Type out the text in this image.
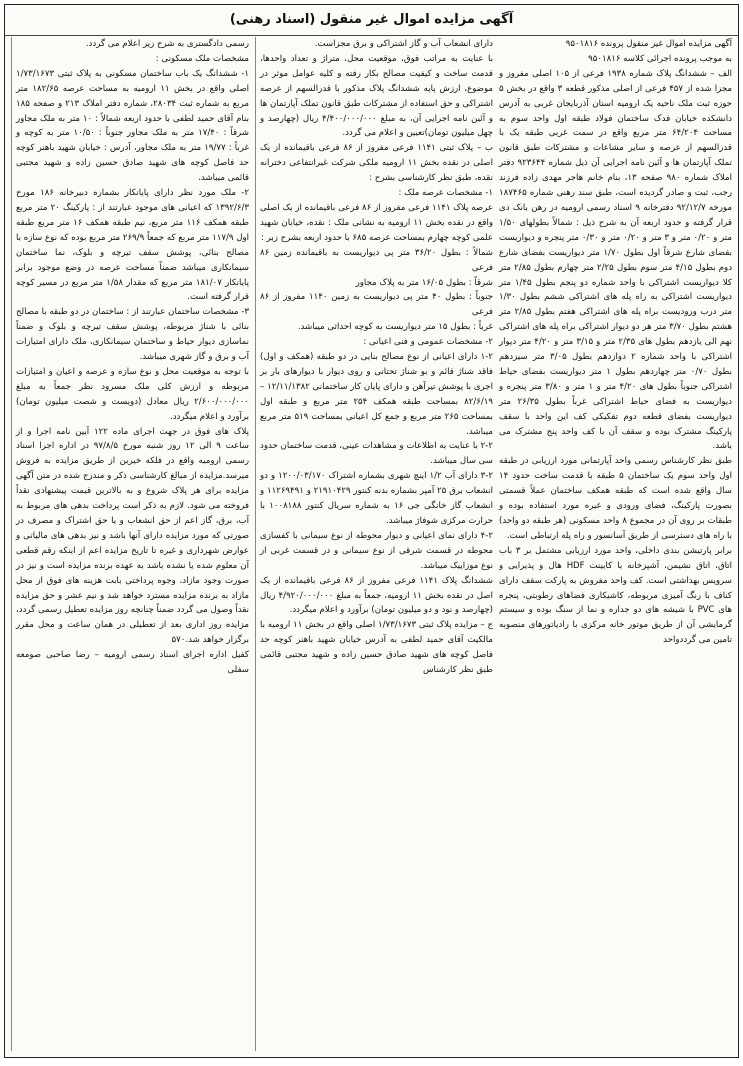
آگهی مزایده اموال غیر منقول (اسناد رهنی)
آگهی مزایده اموال غیر منقول پرونده ۹۵۰۱۸۱۶
به موجب پرونده اجرائی کلاسه ۹۵۰۱۸۱۶
الف – ششدانگ پلاک شماره ۱۹۳۸ فرعی از ۱۰۵ اصلی مفروز و مجزا شده از ۴۵۷ فرعی از اصلی مذکور قطعه ۳ واقع در بخش ۵ حوزه ثبت ملک ناحیه یک ارومیه استان آذربایجان غربی به آدرس دانشکده خیابان فدک ساختمان فولاد طبقه اول واحد سوم به مساحت ۶۴/۲۰۴ متر مربع واقع در سمت غربی طبقه یک با قدرالسهم از عرصه و سایر مشاعات و مشترکات طبق قانون تملک آپارتمان ها و آئین نامه اجرایی آن ذیل شماره ۹۲۳۶۴۴ دفتر املاک شماره ۹۸۰ صفحه ۱۳، بنام خانم هاجر مهدی زاده فرزند رجب، ثبت و صادر گردیده است، طبق سند رهنی شماره ۱۸۷۴۶۵ مورخه ۹۲/۱۲/۷ دفترخانه ۹ اسناد رسمی ارومیه در رهن بانک دی قرار گرفته و حدود اربعه آن به شرح ذیل : شمالاً بطولهای ۱/۵۰ متر و ۰/۲۰ متر و ۳ متر و ۰/۲۰ متر و ۰/۳۰ متر پنجره و دیواریست بفضای شارع شرقاً اول بطول ۱/۷۰ متر دیواریست بفضای شارع دوم بطول ۴/۱۵ متر سوم بطول ۲/۲۵ متر چهارم بطول ۲/۸۵ متر کلا دیواریست اشتراکی با واحد شماره دو پنجم بطول ۱/۴۵ متر دیواریست اشتراکی به راه پله های اشتراکی ششم بطول ۱/۳۰ متر درب ورودیست براه پله های اشتراکی هفتم بطول ۲/۸۵ متر هشتم بطول ۳/۷۰ متر هر دو دیوار اشتراکی براه پله های اشتراکی نهم الی یازدهم بطول های ۲/۳۵ متر و ۳/۱۵ متر و ۴/۲۰ متر دیوار اشتراکی با واحد شماره ۲ دوازدهم بطول ۳/۰۵ متر سیزدهم بطول ۰/۷۰ متر چهاردهم بطول ۱ متر دیواریست بفضای حیاط اشتراکی جنوباً بطول های ۴/۲۰ متر و ۱ متر و ۳/۸۰ متر پنجره و دیواریست به فضای حیاط اشتراکی غرباً بطول ۲۶/۳۵ متر دیواریست بفضای قطعه دوم تفکیکی کف این واحد با سقف پارکینگ مشترک بوده و سقف آن با کف واحد پنج مشترک می باشد.
طبق نظر کارشناس رسمی واحد آپارتمانی مورد ارزیابی در طبقه اول واحد سوم یک ساختمان ۵ طبقه با قدمت ساخت حدود ۱۴ سال واقع شده است که طبقه همکف ساختمان عملاً قسمتی بصورت پارکینگ، فضای ورودی و غیره مورد استفاده بوده و طبقات بر روی آن در مجموع ۸ واحد مسکونی (هر طبقه دو واحد) با راه های دسترسی از طریق آسانسور و راه پله ارتباطی است.
برابر پارتیشن بندی داخلی، واحد مورد ارزیابی مشتمل بر ۳ باب اتاق، اتاق نشیمن، آشپزخانه با کابینت HDF هال و پذیرایی و سرویس بهداشتی است. کف واحد مفروش به پارکت سقف دارای کناف با رنگ آمیزی مربوطه، کاشیکاری فضاهای رطوبتی، پنجره های PVC با شیشه های دو جداره و نما از سنگ بوده و سیستم گرمایشی آن از طریق موتور خانه مرکزی با رادیاتورهای منصوبه تامین می گرددواحد
دارای انشعاب آب و گاز اشتراکی و برق مجزاست.
با عنایت به مراتب فوق، موقعیت محل، متراژ و تعداد واحدها، قدمت ساخت و کیفیت مصالح بکار رفته و کلیه عوامل موثر در موضوع، ارزش پایه ششدانگ پلاک مذکور با قدرالسهم از عرصه اشتراکی و حق استفاده از مشترکات طبق قانون تملک آپارتمان ها و آئین نامه اجرایی آن، به مبلغ ۴/۴۰۰/۰۰۰/۰۰۰ ریال (چهارصد و چهل میلیون تومان)تعیین و اعلام می گردد.
ب – پلاک ثبتی ۱۱۴۱ فرعی مفروز از ۸۶ فرعی باقیمانده از یک اصلی در نقده بخش ۱۱ ارومیه ملکی شرکت غیرانتفاعی دخترانه نقده، طبق نظر کارشناسی بشرح :
۱- مشخصات عرصه ملک :
عرصه پلاک ۱۱۴۱ فرعی مفروز از ۸۶ فرعی باقیمانده از یک اصلی واقع در نقده بخش ۱۱ ارومیه به نشانی ملک : نقده، خیابان شهید علمی کوچه چهارم بمساحت عرصه ۶۸۵ با حدود اربعه بشرح زیر :
شمالاً : بطول ۳۶/۲۰ متر پی دیواریست به باقیمانده زمین ۸۶ فرعی
شرقاً : بطول ۱۶/۰۵ متر به پلاک مجاور
جنوباً : بطول ۴۰ متر پی دیواریست به زمین ۱۱۴۰ مفروز از ۸۶ فرعی
غرباً : بطول ۱۵ متر دیواریست به کوچه احداثی میباشد.
۲- مشخصات عمومی و فنی اعیانی :
۱-۲ دارای اعیانی از نوع مصالح بنایی در دو طبقه (همکف و اول) فاقد شناژ قائم و بو شناژ تحتانی و روی دیوار با دیوارهای بار بر اجری با پوشش تیرآهن و دارای پایان کار ساختمانی ۱۲/۱۱/۱۳۸۲ – ۸۲/۶/۱۹ بمساحت طبقه همکف ۲۵۴ متر مربع و طبقه اول بمساحت ۲۶۵ متر مربع و جمع کل اعیانی بمساحت ۵۱۹ متر مربع میباشد.
۲-۲ با عنایت به اطلاعات و مشاهدات عینی، قدمت ساختمان حدود سی سال میباشد.
۳-۲ دارای آب ۱/۲ اینچ شهری بشماره اشتراک ۱۲۰۰/۰۳/۱۷۰ و دو انشعاب برق ۲۵ آمپر بشماره بدنه کنتور ۲۱۹۱۰۴۲۹ و ۱۱۲۶۹۴۹۱ و انشعاب گاز خانگی جی ۱۶ به شماره سریال کنتور ۱۰۰۸۱۸۸ با حرارت مرکزی شوفاژ میباشد.
۴-۲ دارای نمای اعیانی و دیوار محوطه از نوع سیمانی با کفسازی محوطه در قسمت شرقی از نوع سیمانی و در قسمت غربی از نوع موزاییک میباشد.
ششدانگ پلاک ۱۱۴۱ فرعی مفروز از ۸۶ فرعی باقیمانده از یک اصل در نقده بخش ۱۱ ارومیه، جمعاً به مبلغ ۴/۹۲۰/۰۰۰/۰۰۰ ریال (چهارصد و نود و دو میلیون تومان) برآورد و اعلام میگردد.
ج – مزایده پلاک ثبتی ۱/۷۳/۱۶۷۳ اصلی واقع در بخش ۱۱ ارومیه با مالکیت آقای حمید لطفی به آدرس خیابان شهید باهنر کوچه حد فاصل کوچه های شهید صادق حسین زاده و شهید مجتبی قائمی طبق نظر کارشناس
رسمی دادگستری به شرح زیر اعلام می گردد.
مشخصات ملک مسکونی :
۱- ششدانگ یک باب ساختمان مسکونی به پلاک ثبتی ۱/۷۳/۱۶۷۳ اصلی واقع در بخش ۱۱ ارومیه به مساحت عرصه ۱۸۲/۶۵ متر مربع به شماره ثبت ۲۸۰۳۴، شماره دفتر املاک ۲۱۳ و صفحه ۱۸۵ بنام آقای حمید لطفی با حدود اربعه شمالاً : ۱۰ متر به ملک مجاور شرقاً : ۱۷/۴۰ متر به ملک مجاور جنوباً : ۱۰/۵۰ متر به کوچه و غرباً : ۱۹/۷۷ متر به ملک مجاور، آدرس : خیابان شهید باهنر کوچه حد فاصل کوچه های شهید صادق حسین زاده و شهید مجتبی قائمی میباشد.
۲- ملک مورد نظر دارای پایانکار بشماره دبیرخانه ۱۸۶ مورخ ۱۳۹۲/۶/۳ که اعیانی های موجود عبارتند از : پارکینگ ۲۰ متر مربع طبقه همکف ۱۱۶ متر مربع، نیم طبقه همکف ۱۶ متر مربع طبقه اول ۱۱۷/۹ متر مربع که جمعاً ۲۶۹/۹ متر مربع بوده که نوع سازه با مصالح بنائی، پوشش سقف تیرچه و بلوک، نما ساختمان سیمانکاری میباشد ضمناً مساحت عرصه در وضع موجود برابر پایانکار ۱۸۱/۰۷ متر مربع که مقدار ۱/۵۸ متر مربع در مسیر کوچه قرار گرفته است.
۳- مشخصات ساختمان عبارتند از : ساختمان در دو طبقه با مصالح بنائی با شناژ مربوطه، پوشش سقف تیرچه و بلوک و ضمناً نماسازی دیوار حیاط و ساختمان سیمانکاری، ملک دارای امتیازات آب و برق و گاز شهری میباشد.
با توجه به موقعیت محل و نوع سازه و عرصه و اعیان و امتیازات مربوطه و ارزش کلی ملک مسرود نظر جمعاً به مبلغ ۲/۶۰۰/۰۰۰/۰۰۰ ریال معادل (دویست و شصت میلیون تومان) برآورد و اعلام میگردد.
پلاک های فوق در جهت اجرای ماده ۱۲۲ آیین نامه اجرا و از ساعت ۹ الی ۱۲ روز شنبه مورخ ۹۷/۸/۵ در اداره اجرا اسناد رسمی ارومیه واقع در فلکه خیرین از طریق مزایده به فروش میرسد.مزایده از مبالغ کارشناسی ذکر و مندرج شده در متن آگهی مزایده برای هر پلاک شروع و به بالاترین قیمت پیشنهادی نقداً فروخته می شود. لازم به ذکر است پرداخت بدهی های مربوط به آب، برق، گاز اعم از حق انشعاب و یا حق اشتراک و مصرف در صورتی که مورد مزایده دارای آنها باشد و نیز بدهی های مالیاتی و عوارض شهرداری و غیره تا تاریخ مزایده اعم از اینکه رقم قطعی آن معلوم شده یا نشده باشد به عهده برنده مزایده است و نیز در صورت وجود مازاد، وجوه پرداختی بابت هزینه های فوق از محل مازاد به برنده مزایده مسترد خواهد شد و نیم عشر و حق مزایده نقداً وصول می گردد ضمناً چنانچه روز مزایده تعطیل رسمی گردد، مزایده روز اداری بعد از تعطیلی در همان ساعت و محل مقرر برگزار خواهد شد.۵۷۰
کفیل اداره اجرای اسناد رسمی ارومیه – رضا صاحبی صومعه سفلی
